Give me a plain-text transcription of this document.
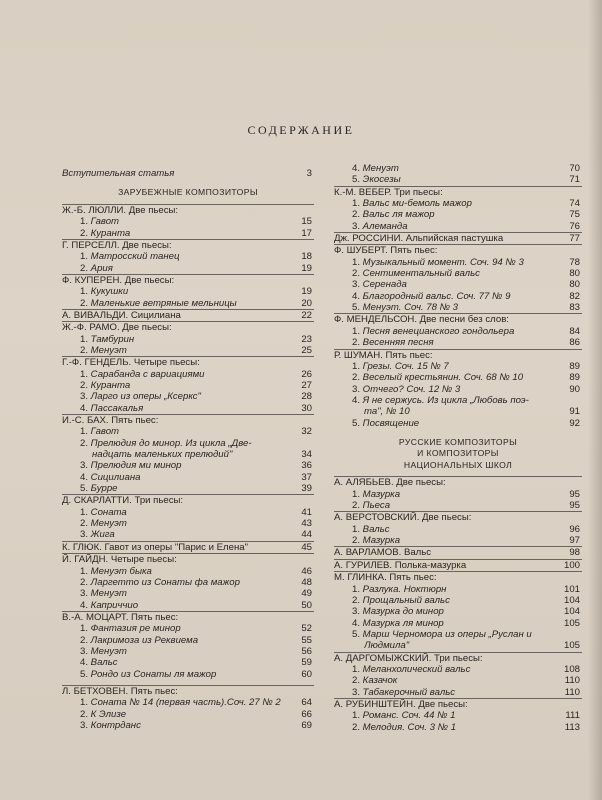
СОДЕРЖАНИЕ
Вступительная статья	3
ЗАРУБЕЖНЫЕ КОМПОЗИТОРЫ
Ж.-Б. ЛЮЛЛИ. Две пьесы:
1. Гавот	15
2. Куранта	17
Г. ПЕРСЕЛЛ. Две пьесы:
1. Матросский танец	18
2. Ария	19
Ф. КУПЕРЕН. Две пьесы:
1. Кукушки	19
2. Маленькие ветряные мельницы	20
А. ВИВАЛЬДИ. Сицилиана	22
Ж.-Ф. РАМО. Две пьесы:
1. Тамбурин	23
2. Менуэт	25
Г.-Ф. ГЕНДЕЛЬ. Четыре пьесы:
1. Сарабанда с вариациями	26
2. Куранта	27
3. Ларго из оперы „Ксеркс"	28
4. Пассакалья	30
И.-С. БАХ. Пять пьес:
1. Гавот	32
2. Прелюдия до минор. Из цикла „Две-
надцать маленьких прелюдий"	34
3. Прелюдия ми минор	36
4. Сицилиана	37
5. Бурре	39
Д. СКАРЛАТТИ. Три пьесы:
1. Соната	41
2. Менуэт	43
3. Жига	44
К. ГЛЮК. Гавот из оперы "Парис и Елена"	45
Й. ГАЙДН. Четыре пьесы:
1. Менуэт быка	46
2. Ларгетто из Сонаты фа мажор	48
3. Менуэт	49
4. Каприччио	50
В.-А. МОЦАРТ. Пять пьес:
1. Фантазия ре минор	52
2. Лакримоза из Реквиема	55
3. Менуэт	56
4. Вальс	59
5. Рондо из Сонаты ля мажор	60
Л. БЕТХОВЕН. Пять пьес:
1. Соната № 14 (первая часть).Соч. 27 № 2	64
2. К Элизе	66
3. Контрданс	69
4. Менуэт	70
5. Экосезы	71
К.-М. ВЕБЕР. Три пьесы:
1. Вальс ми-бемоль мажор	74
2. Вальс ля мажор	75
3. Алеманда	76
Дж. РОССИНИ. Альпийская пастушка	77
Ф. ШУБЕРТ. Пять пьес:
1. Музыкальный момент. Соч. 94 № 3	78
2. Сентиментальный вальс	80
3. Серенада	80
4. Благородный вальс. Соч. 77 № 9	82
5. Менуэт. Соч. 78 № 3	83
Ф. МЕНДЕЛЬСОН. Две песни без слов:
1. Песня венецианского гондольера	84
2. Весенняя песня	86
Р. ШУМАН. Пять пьес:
1. Грезы. Соч. 15 № 7	89
2. Веселый крестьянин. Соч. 68 № 10	89
3. Отчего? Соч. 12 № 3	90
4. Я не сержусь. Из цикла „Любовь поэ-
та", № 10	91
5. Посвящение	92
РУССКИЕ КОМПОЗИТОРЫ
И КОМПОЗИТОРЫ
НАЦИОНАЛЬНЫХ ШКОЛ
А. АЛЯБЬЕВ. Две пьесы:
1. Мазурка	95
2. Пьеса	95
А. ВЕРСТОВСКИЙ. Две пьесы:
1. Вальс	96
2. Мазурка	97
А. ВАРЛАМОВ. Вальс	98
А. ГУРИЛЕВ. Полька-мазурка	100
М. ГЛИНКА. Пять пьес:
1. Разлука. Ноктюрн	101
2. Прощальный вальс	104
3. Мазурка до минор	104
4. Мазурка ля минор	105
5. Марш Черномора из оперы „Руслан и
Людмила"	105
А. ДАРГОМЫЖСКИЙ. Три пьесы:
1. Меланхолический вальс	108
2. Казачок	110
3. Табакерочный вальс	110
А. РУБИНШТЕЙН. Две пьесы:
1. Романс. Соч. 44 № 1	111
2. Мелодия. Соч. 3 № 1	113
